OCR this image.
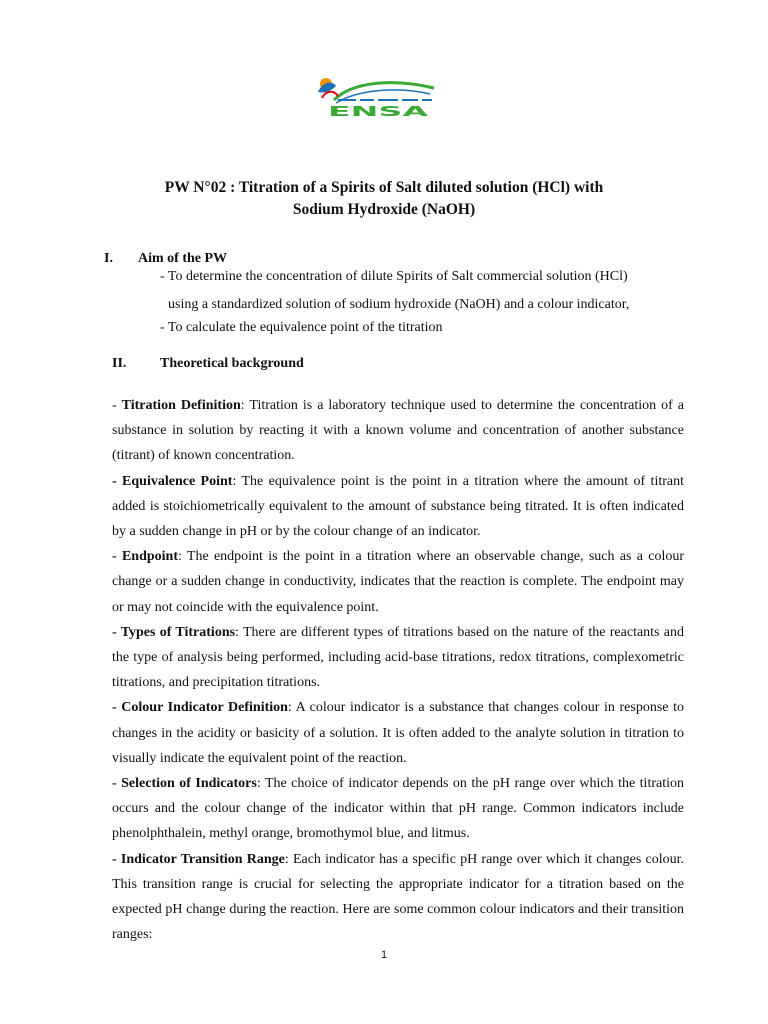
ENSA
PW N°02 : Titration of a Spirits of Salt diluted solution (HCl) with
Sodium Hydroxide (NaOH)
I. Aim of the PW
- To determine the concentration of dilute Spirits of Salt commercial solution (HCl)
using a standardized solution of sodium hydroxide (NaOH) and a colour indicator,
- To calculate the equivalence point of the titration
II. Theoretical background

- Titration Definition: Titration is a laboratory technique used to determine the concentration of a substance in solution by reacting it with a known volume and concentration of another substance (titrant) of known concentration.

- Equivalence Point: The equivalence point is the point in a titration where the amount of titrant added is stoichiometrically equivalent to the amount of substance being titrated. It is often indicated by a sudden change in pH or by the colour change of an indicator.

- Endpoint: The endpoint is the point in a titration where an observable change, such as a colour change or a sudden change in conductivity, indicates that the reaction is complete. The endpoint may or may not coincide with the equivalence point.

- Types of Titrations: There are different types of titrations based on the nature of the reactants and the type of analysis being performed, including acid-base titrations, redox titrations, complexometric titrations, and precipitation titrations.

- Colour Indicator Definition: A colour indicator is a substance that changes colour in response to changes in the acidity or basicity of a solution. It is often added to the analyte solution in titration to visually indicate the equivalent point of the reaction.

- Selection of Indicators: The choice of indicator depends on the pH range over which the titration occurs and the colour change of the indicator within that pH range. Common indicators include phenolphthalein, methyl orange, bromothymol blue, and litmus.

- Indicator Transition Range: Each indicator has a specific pH range over which it changes colour. This transition range is crucial for selecting the appropriate indicator for a titration based on the expected pH change during the reaction. Here are some common colour indicators and their transition ranges:

1
